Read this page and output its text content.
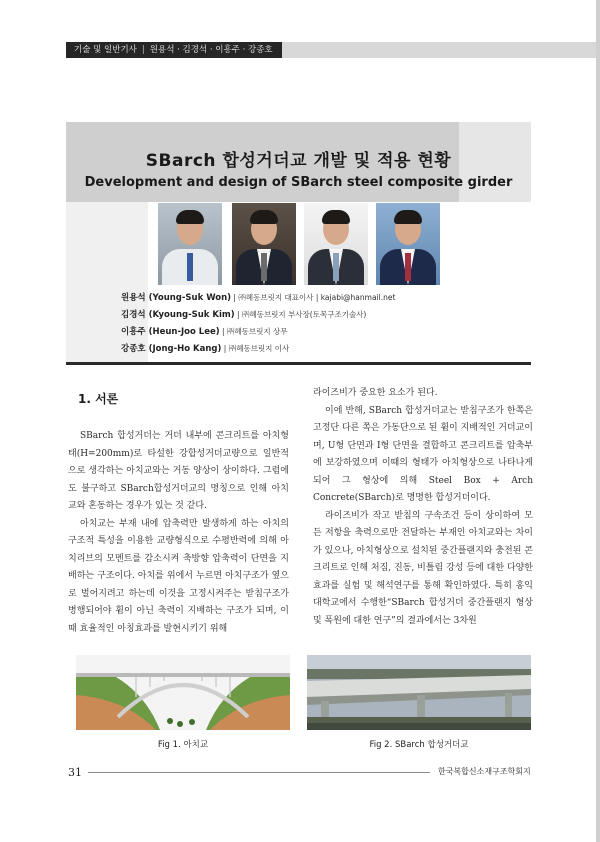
기술 및 일반기사 | 원용석 · 김경석 · 이흥주 · 강종호
SBarch 합성거더교 개발 및 적용 현황
Development and design of SBarch steel composite girder
원용석 (Young-Suk Won) | ㈜혜동브릿지 대표이사 | kajabi@hanmail.net
김경석 (Kyoung-Suk Kim) | ㈜혜동브릿지 부사장(토목구조기술사)
이흥주 (Heun-Joo Lee) | ㈜혜동브릿지 상무
강종호 (Jong-Ho Kang) | ㈜혜동브릿지 이사
1. 서론

SBarch 합성거더는 거더 내부에 콘크리트를 아치형태(H=200mm)로 타설한 강합성거더교량으로 일반적으로 생각하는 아치교와는 거동 양상이 상이하다. 그럼에도 불구하고 SBarch합성거더교의 명칭으로 인해 아치교와 혼동하는 경우가 있는 것 같다.

아치교는 부재 내에 압축력만 발생하게 하는 아치의 구조적 특성을 이용한 교량형식으로 수평반력에 의해 아치리브의 모멘트를 감소시켜 축방향 압축력이 단면을 지배하는 구조이다. 아치를 위에서 누르면 아치구조가 옆으로 벌어지려고 하는데 이것을 고정시켜주는 받침구조가 병행되어야 휨이 아닌 축력이 지배하는 구조가 되며, 이때 효율적인 아칭효과를 발현시키기 위해

라이즈비가 중요한 요소가 된다.

이에 반해, SBarch 합성거더교는 받침구조가 한쪽은 고정단 다른 쪽은 가동단으로 된 휨이 지배적인 거더교이며, U형 단면과 I형 단면을 결합하고 콘크리트를 압축부에 보강하였으며 이때의 형태가 아치형상으로 나타나게 되어 그 형상에 의해 Steel Box + Arch Concrete(SBarch)로 명명한 합성거더이다.

라이즈비가 작고 받침의 구속조건 등이 상이하여 모든 저항을 축력으로만 전달하는 부재인 아치교와는 차이가 있으나, 아치형상으로 설치된 중간플랜지와 충전된 콘크리트로 인해 처짐, 진동, 비틀림 강성 등에 대한 다양한 효과를 실험 및 해석연구를 통해 확인하였다. 특히 홍익대학교에서 수행한“SBarch 합성거더 중간플랜지 형상 및 폭원에 대한 연구”의 결과에서는 3차원

Fig 1. 아치교	Fig 2. SBarch 합성거더교
31	한국복합신소재구조학회지
